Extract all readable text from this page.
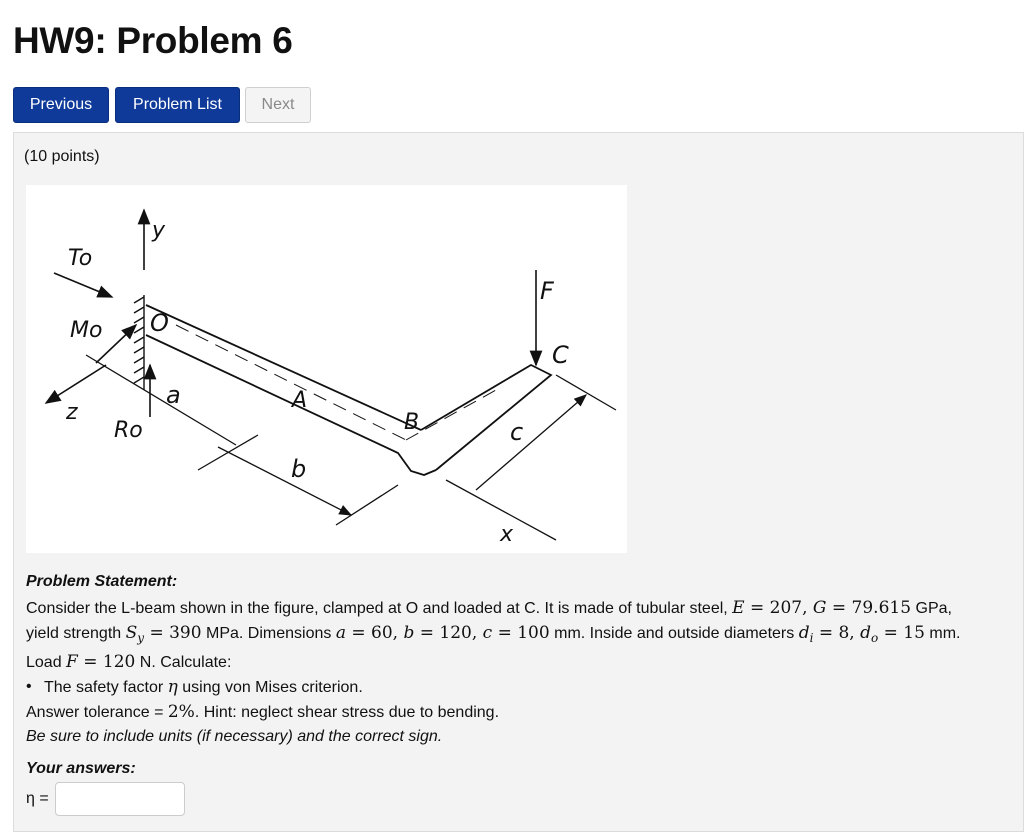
HW9: Problem 6
Previous	Problem List	Next
(10 points)
y
To
Mo O
z
Ro
a	A
b
B
F
C
c
x
Problem Statement:

Consider the L-beam shown in the figure, clamped at O and loaded at C. It is made of tubular steel, E = 207, G = 79.615 GPa,

yield strength $S_y = 390$ MPa. Dimensions a = 60, b = 120, c = 100 mm. Inside and outside diameters $d_i = 8$, $d_o = 15$ mm.

Load F = 120 N. Calculate:

• The safety factor η using von Mises criterion.

Answer tolerance = 2%. Hint: neglect shear stress due to bending.

Be sure to include units (if necessary) and the correct sign.

Your answers:
η =
